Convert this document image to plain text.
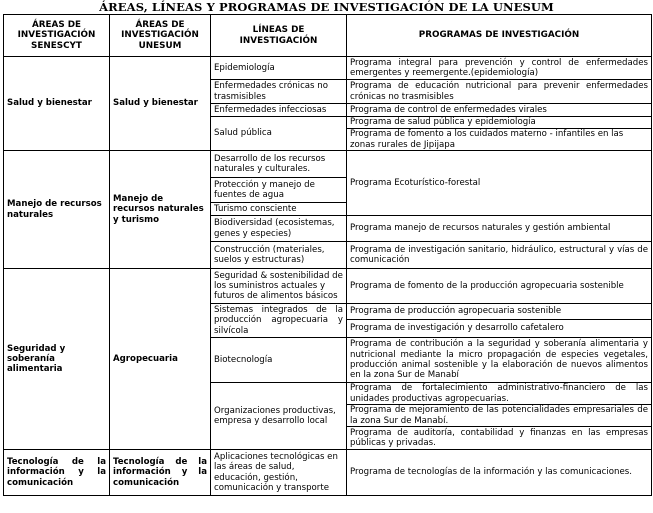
ÁREAS, LÍNEAS Y PROGRAMAS DE INVESTIGACIÓN DE LA UNESUM
ÁREAS DE INVESTIGACIÓN SENESCYT	ÁREAS DE INVESTIGACIÓN UNESUM	LÍNEAS DE INVESTIGACIÓN	PROGRAMAS DE INVESTIGACIÓN
Salud y bienestar	Salud y bienestar	Epidemiología	Programa integral para prevención y control de enfermedades emergentes y reemergente.(epidemiología)
		Enfermedades crónicas no trasmisibles	Programa de educación nutricional para prevenir enfermedades crónicas no trasmisibles
		Enfermedades infecciosas	Programa de control de enfermedades virales
		Salud pública	Programa de salud pública y epidemiología
			Programa de fomento a los cuidados materno - infantiles en las zonas rurales de Jipijapa
Manejo de recursos naturales	Manejo de recursos naturales y turismo	Desarrollo de los recursos naturales y culturales.	Programa Ecoturístico-forestal
		Protección y manejo de fuentes de agua	
		Turismo consciente	
		Biodiversidad (ecosistemas, genes y especies)	Programa manejo de recursos naturales y gestión ambiental
		Construcción (materiales, suelos y estructuras)	Programa de investigación sanitario, hidráulico, estructural y vías de comunicación
Seguridad y soberanía alimentaria	Agropecuaria	Seguridad & sostenibilidad de los suministros actuales y futuros de alimentos básicos	Programa de fomento de la producción agropecuaria sostenible
		Sistemas integrados de la producción agropecuaria y silvícola	Programa de producción agropecuaria sostenible
			Programa de investigación y desarrollo cafetalero
		Biotecnología	Programa de contribución a la seguridad y soberanía alimentaria y nutricional mediante la micro propagación de especies vegetales, producción animal sostenible y la elaboración de nuevos alimentos en la zona Sur de Manabí
		Organizaciones productivas, empresa y desarrollo local	Programa de fortalecimiento administrativo-financiero de las unidades productivas agropecuarias.
			Programa de mejoramiento de las potencialidades empresariales de la zona Sur de Manabí.
			Programa de auditoría, contabilidad y finanzas en las empresas públicas y privadas.
Tecnología de la información y la comunicación	Tecnología de la información y la comunicación	Aplicaciones tecnológicas en las áreas de salud, educación, gestión, comunicación y transporte	Programa de tecnologías de la información y las comunicaciones.
